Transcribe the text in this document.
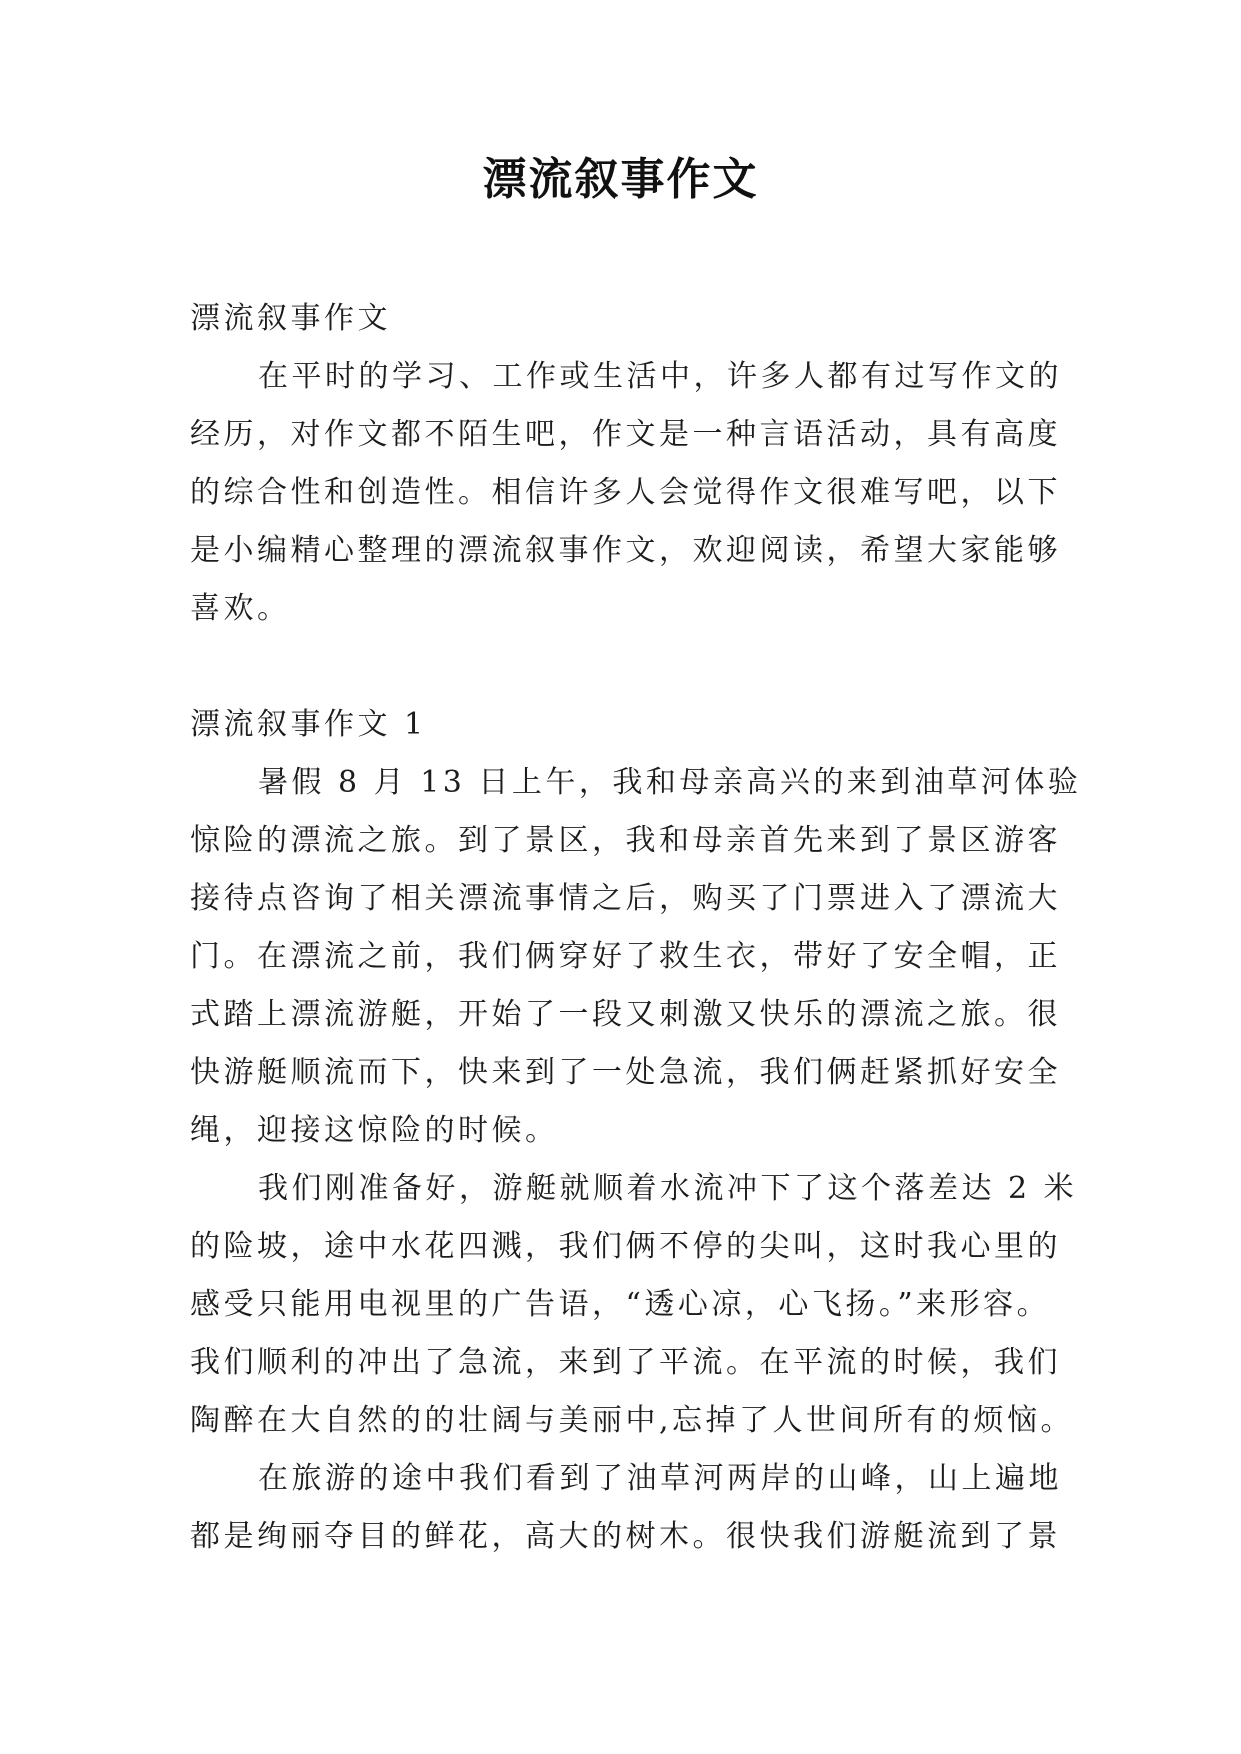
漂流叙事作文
漂流叙事作文
在平时的学习、工作或生活中，许多人都有过写作文的
经历，对作文都不陌生吧，作文是一种言语活动，具有高度
的综合性和创造性。相信许多人会觉得作文很难写吧，以下
是小编精心整理的漂流叙事作文，欢迎阅读，希望大家能够
喜欢。
漂流叙事作文 1
暑假 8 月 13 日上午，我和母亲高兴的来到油草河体验
惊险的漂流之旅。到了景区，我和母亲首先来到了景区游客
接待点咨询了相关漂流事情之后，购买了门票进入了漂流大
门。在漂流之前，我们俩穿好了救生衣，带好了安全帽，正
式踏上漂流游艇，开始了一段又刺激又快乐的漂流之旅。很
快游艇顺流而下，快来到了一处急流，我们俩赶紧抓好安全
绳，迎接这惊险的时候。
我们刚准备好，游艇就顺着水流冲下了这个落差达 2 米
的险坡，途中水花四溅，我们俩不停的尖叫，这时我心里的
感受只能用电视里的广告语，“透心凉，心飞扬。”来形容。
我们顺利的冲出了急流，来到了平流。在平流的时候，我们
陶醉在大自然的的壮阔与美丽中,忘掉了人世间所有的烦恼。
在旅游的途中我们看到了油草河两岸的山峰，山上遍地
都是绚丽夺目的鲜花，高大的树木。很快我们游艇流到了景
